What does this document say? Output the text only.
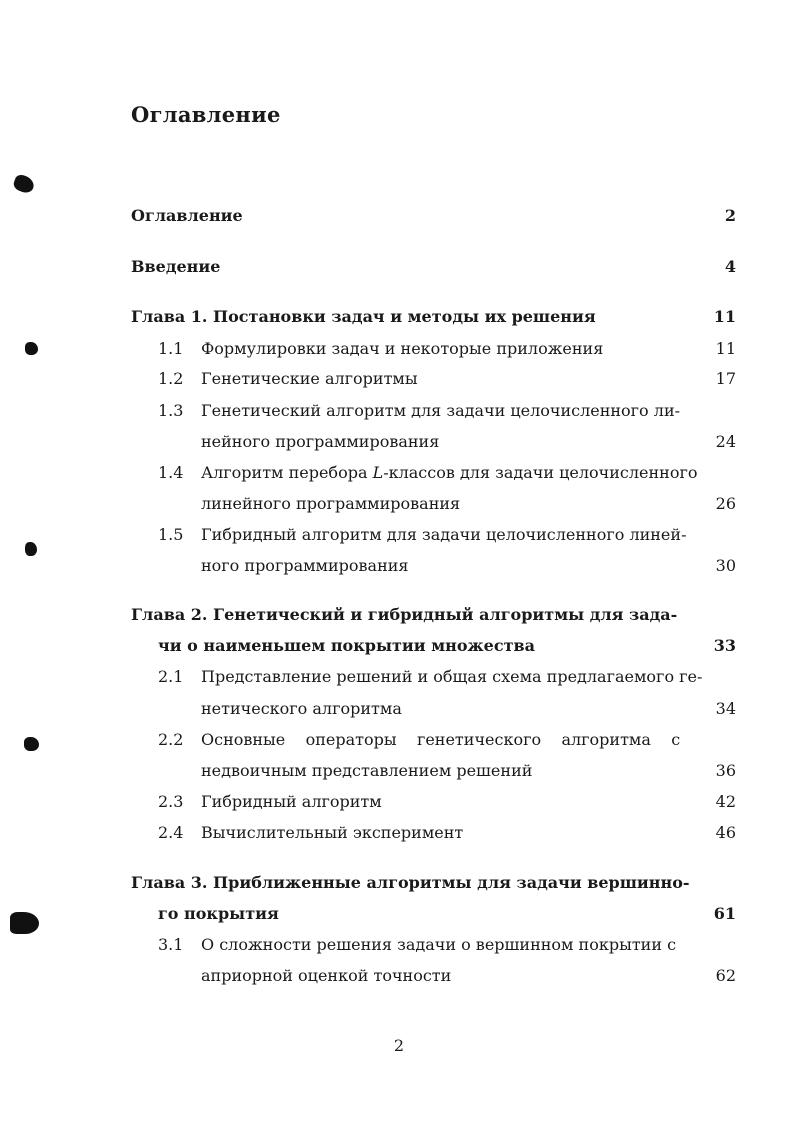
Оглавление
Оглавление	2
Введение	4
Глава 1. Постановки задач и методы их решения	11
1.1 Формулировки задач и некоторые приложения	11
1.2 Генетические алгоритмы	17
1.3 Генетический алгоритм для задачи целочисленного ли-
нейного программирования	24
1.4 Алгоритм перебора L-классов для задачи целочисленного
линейного программирования	26
1.5 Гибридный алгоритм для задачи целочисленного линей-
ного программирования	30
Глава 2. Генетический и гибридный алгоритмы для зада-
чи о наименьшем покрытии множества	33
2.1 Представление решений и общая схема предлагаемого ге-
нетического алгоритма	34
2.2 Основные    операторы    генетического    алгоритма    с
недвоичным представлением решений	36
2.3 Гибридный алгоритм	42
2.4 Вычислительный эксперимент	46
Глава 3. Приближенные алгоритмы для задачи вершинно-
го покрытия	61
3.1 О сложности решения задачи о вершинном покрытии с
априорной оценкой точности	62
2
